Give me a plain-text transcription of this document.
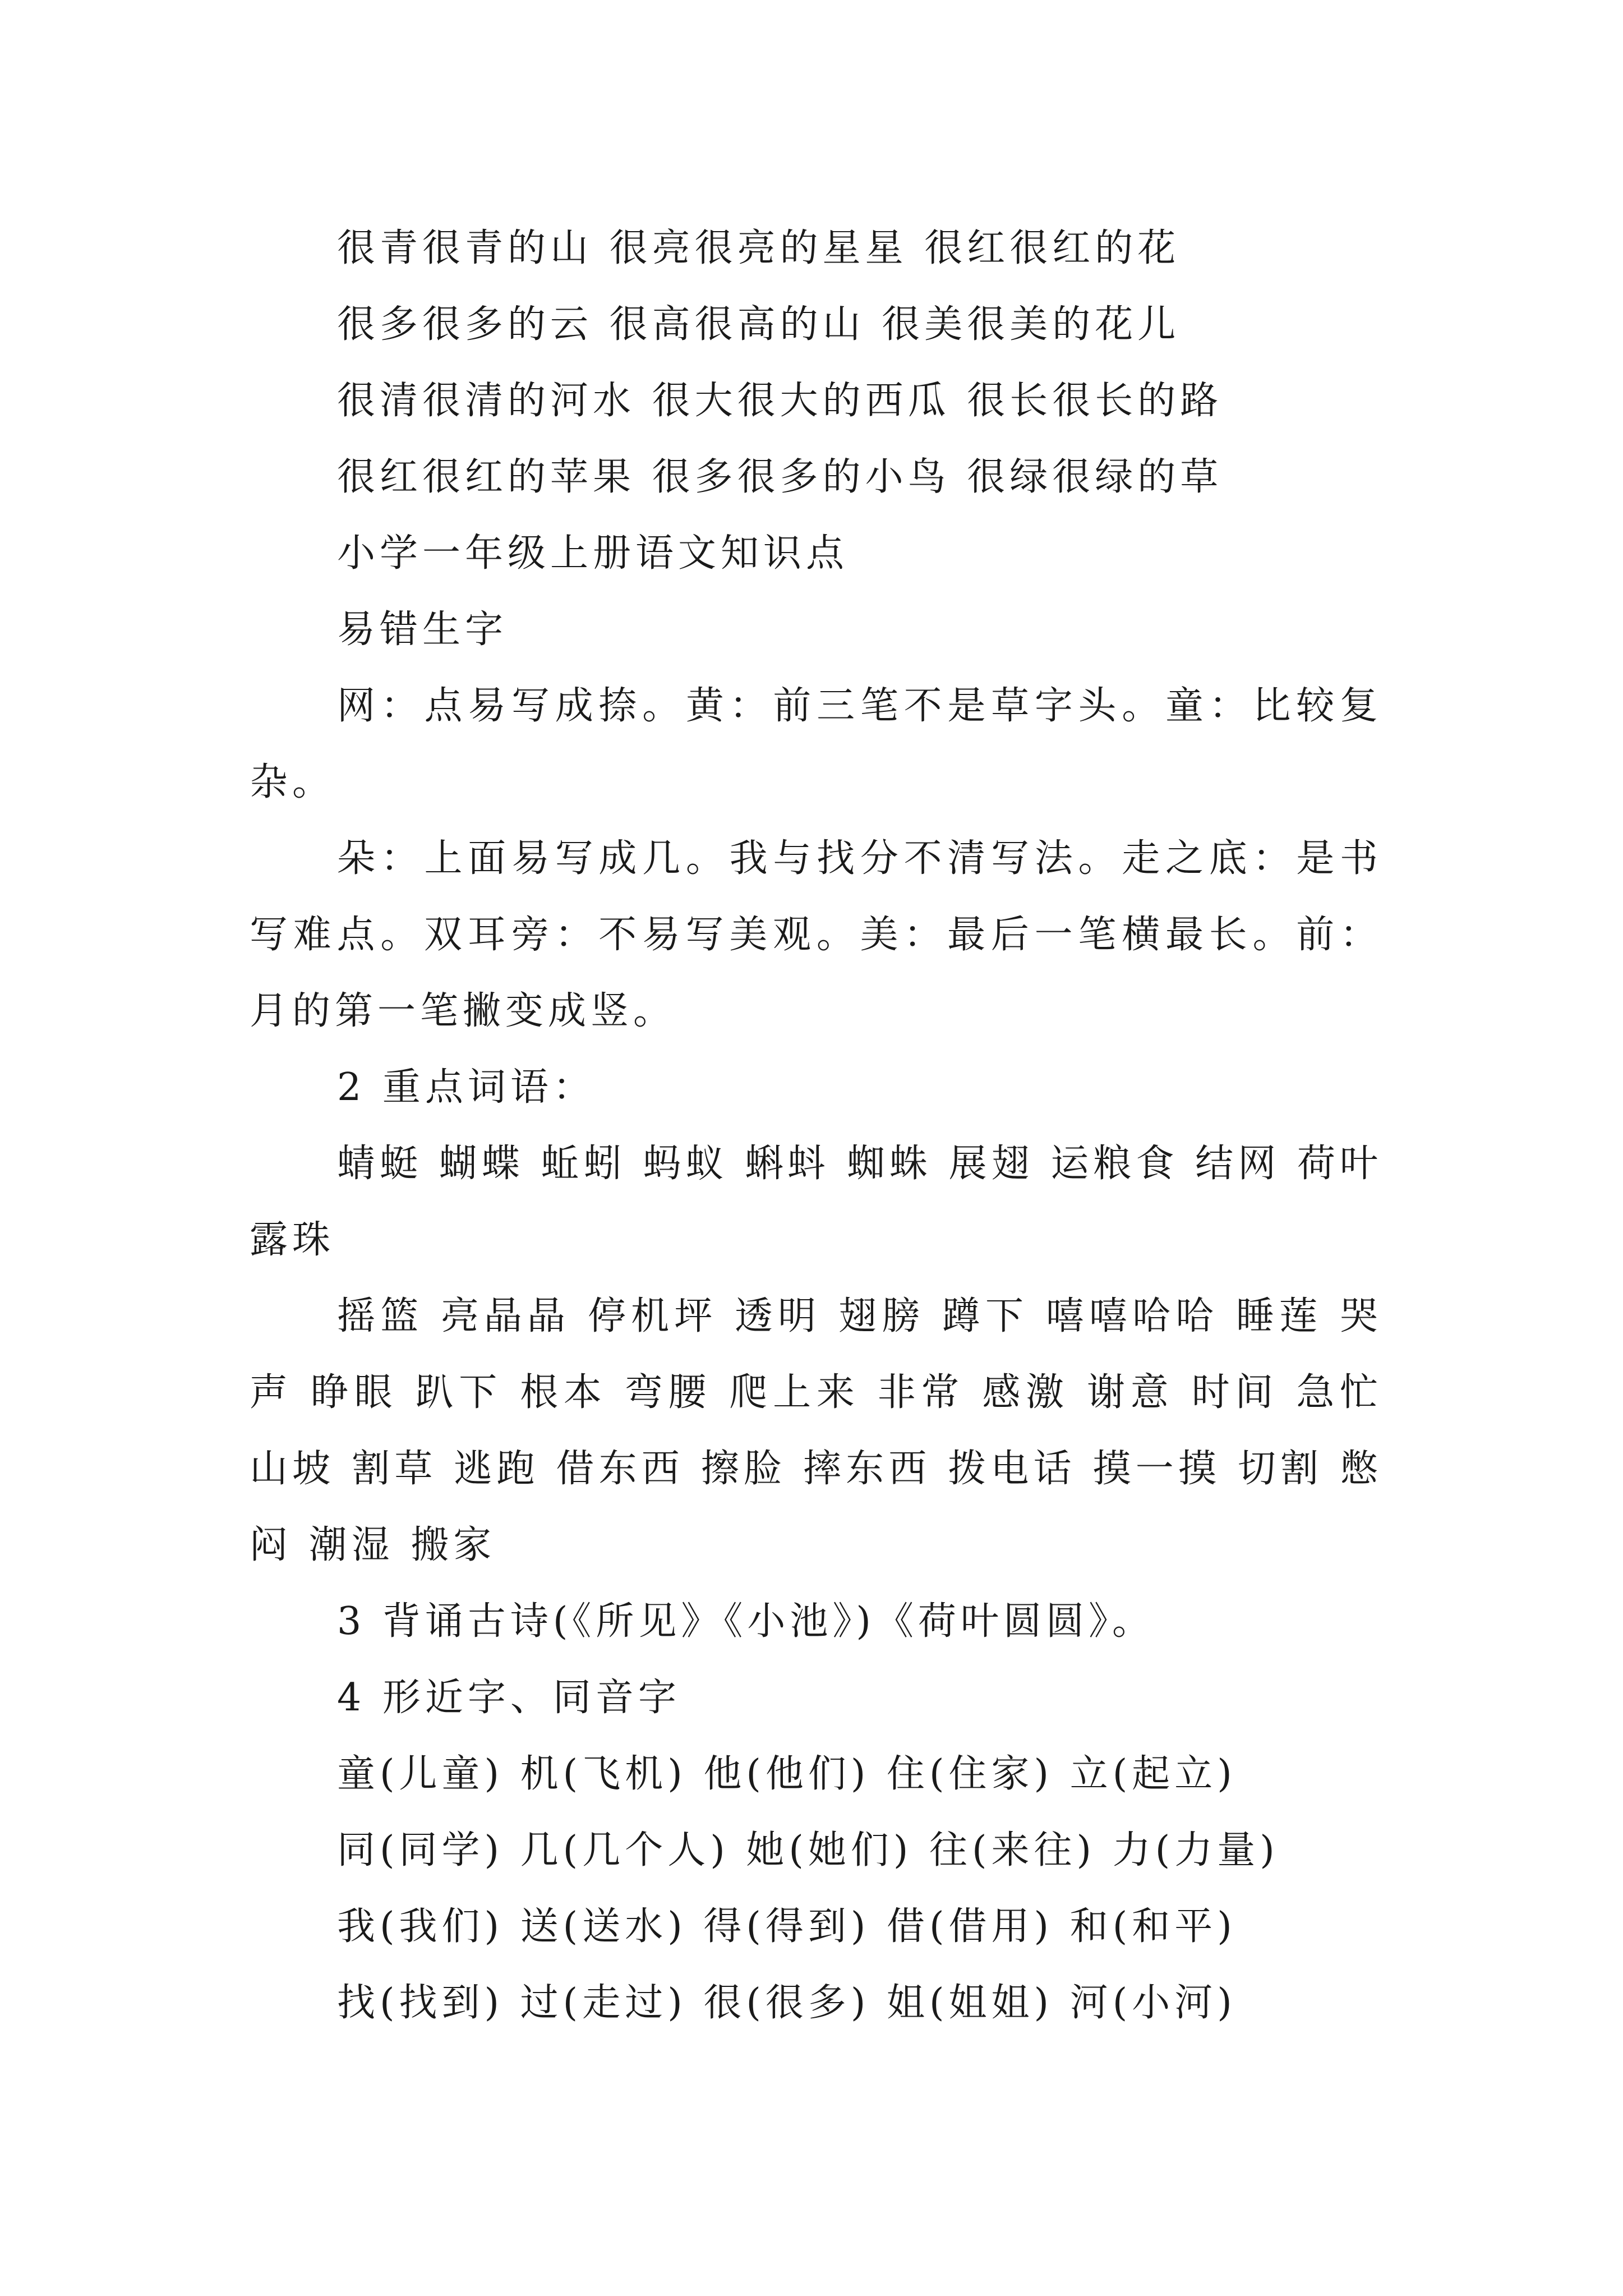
很青很青的山 很亮很亮的星星 很红很红的花
很多很多的云 很高很高的山 很美很美的花儿
很清很清的河水 很大很大的西瓜 很长很长的路
很红很红的苹果 很多很多的小鸟 很绿很绿的草
小学一年级上册语文知识点
易错生字
网：点易写成捺。黄：前三笔不是草字头。童：比较复杂。
朵：上面易写成几。我与找分不清写法。走之底：是书写难点。双耳旁：不易写美观。美：最后一笔横最长。前：月的第一笔撇变成竖。
2 重点词语：
蜻蜓 蝴蝶 蚯蚓 蚂蚁 蝌蚪 蜘蛛 展翅 运粮食 结网 荷叶 露珠
摇篮 亮晶晶 停机坪 透明 翅膀 蹲下 嘻嘻哈哈 睡莲 哭声 睁眼 趴下 根本 弯腰 爬上来 非常 感激 谢意 时间 急忙 山坡 割草 逃跑 借东西 擦脸 摔东西 拨电话 摸一摸 切割 憋闷 潮湿 搬家
3 背诵古诗(《所见》《小池》)《荷叶圆圆》。
4 形近字、同音字
童(儿童) 机(飞机) 他(他们) 住(住家) 立(起立)
同(同学) 几(几个人) 她(她们) 往(来往) 力(力量)
我(我们) 送(送水) 得(得到) 借(借用) 和(和平)
找(找到) 过(走过) 很(很多) 姐(姐姐) 河(小河)
